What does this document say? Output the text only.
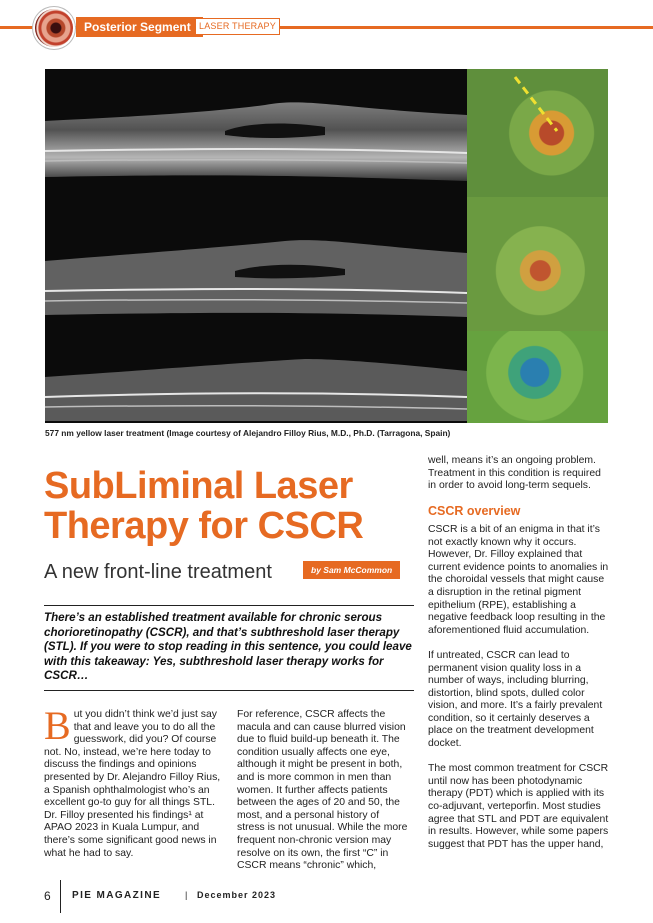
Posterior Segment LASER THERAPY
577 nm yellow laser treatment (Image courtesy of Alejandro Filloy Rius, M.D., Ph.D. (Tarragona, Spain)
SubLiminal Laser
Therapy for CSCR
A new front-line treatment	by Sam McCommon
There’s an established treatment available for chronic serous chorioretinopathy (CSCR), and that’s subthreshold laser therapy (STL). If you were to stop reading in this sentence, you could leave with this takeaway: Yes, subthreshold laser therapy works for CSCR…

But you didn’t think we’d just say that and leave you to do all the guesswork, did you? Of course not. No, instead, we’re here today to discuss the findings and opinions presented by Dr. Alejandro Filloy Rius, a Spanish ophthalmologist who’s an excellent go-to guy for all things STL. Dr. Filloy presented his findings¹ at APAO 2023 in Kuala Lumpur, and there’s some significant good news in what he had to say.

For reference, CSCR affects the macula and can cause blurred vision due to fluid build-up beneath it. The condition usually affects one eye, although it might be present in both, and is more common in men than women. It further affects patients between the ages of 20 and 50, the most, and a personal history of stress is not unusual. While the more frequent non-chronic version may resolve on its own, the first “C” in CSCR means “chronic” which,

well, means it’s an ongoing problem. Treatment in this condition is required in order to avoid long-term sequels.

CSCR overview

CSCR is a bit of an enigma in that it’s not exactly known why it occurs. However, Dr. Filloy explained that current evidence points to anomalies in the choroidal vessels that might cause a disruption in the retinal pigment epithelium (RPE), establishing a negative feedback loop resulting in the aforementioned fluid accumulation.

If untreated, CSCR can lead to permanent vision quality loss in a number of ways, including blurring, distortion, blind spots, dulled color vision, and more. It’s a fairly prevalent condition, so it certainly deserves a place on the treatment development docket.

The most common treatment for CSCR until now has been photodynamic therapy (PDT) which is applied with its co-adjuvant, verteporfin. Most studies agree that STL and PDT are equivalent in results. However, while some papers suggest that PDT has the upper hand,

6 PIE MAGAZINE	| December 2023
